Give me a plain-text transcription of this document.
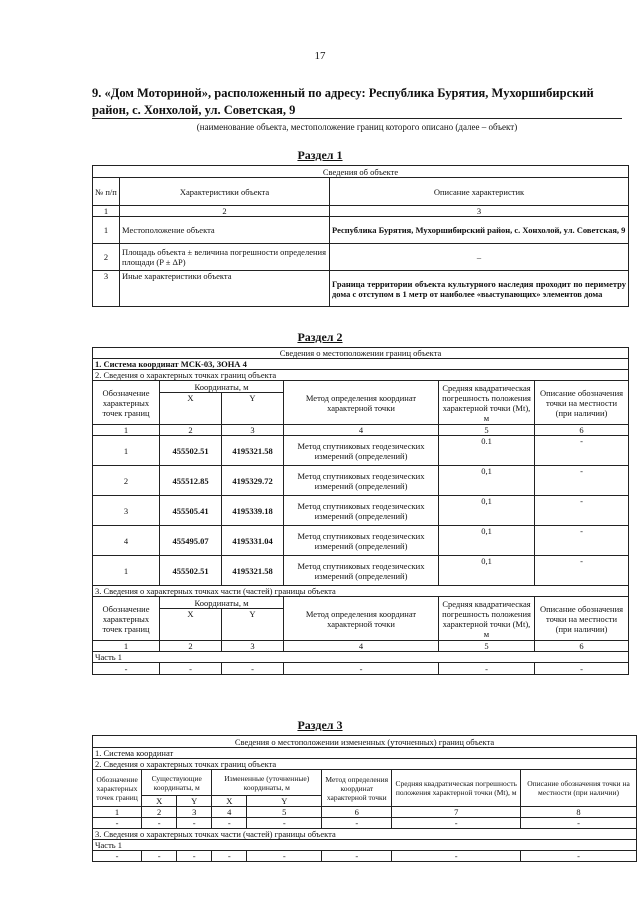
17
9. «Дом Моториной», расположенный по адресу: Республика Бурятия, Мухоршибирский район, с. Хонхолой, ул. Советская, 9
(наименование объекта, местоположение границ которого описано (далее – объект)
Раздел 1
Сведения об объекте		
№ п/п	Характеристики объекта	Описание характеристик
1	2	3
1	Местоположение объекта	Республика Бурятия, Мухоршибирский район, с. Хонхолой, ул. Советская, 9
2	Площадь объекта ± величина погрешности определения площади (P ± ΔP)	–
3	Иные характеристики объекта	Граница территории объекта культурного наследия проходит по периметру дома с отступом в 1 метр от наиболее «выступающих» элементов дома
Раздел 2
Сведения о местоположении границ объекта					
1. Система координат МСК-03, ЗОНА 4					
2. Сведения о характерных точках границ объекта					
Обозначение характерных точек границ	Координаты, м		Метод определения координат характерной точки	Средняя квадратическая погрешность положения характерной точки (Mt), м	Описание обозначения точки на местности (при наличии)
	X	Y			
1	2	3	4	5	6
1	455502.51	4195321.58	Метод спутниковых геодезических измерений (определений)	0.1	-
2	455512.85	4195329.72	Метод спутниковых геодезических измерений (определений)	0,1	-
3	455505.41	4195339.18	Метод спутниковых геодезических измерений (определений)	0,1	-
4	455495.07	4195331.04	Метод спутниковых геодезических измерений (определений)	0,1	-
1	455502.51	4195321.58	Метод спутниковых геодезических измерений (определений)	0,1	-
3. Сведения о характерных точках части (частей) границы объекта					
Обозначение характерных точек границ	Координаты, м		Метод определения координат характерной точки	Средняя квадратическая погрешность положения характерной точки (Mt), м	Описание обозначения точки на местности (при наличии)
	X	Y			
1	2	3	4	5	6
Часть 1					
-	-	-	-	-	-
Раздел 3
Сведения о местоположении измененных (уточненных) границ объекта							
1. Система координат							
2. Сведения о характерных точках границ объекта							
Обозначение характерных точек границ	Существующие координаты, м		Измененные (уточненные) координаты, м		Метод определения координат характерной точки	Средняя квадратическая погрешность положения характерной точки (Mt), м	Описание обозначения точки на местности (при наличии)
	X	Y	X	Y			
1	2	3	4	5	6	7	8
-	-	-	-	-	-	-	-
3. Сведения о характерных точках части (частей) границы объекта							
Часть 1							
-	-	-	-	-	-	-	-
